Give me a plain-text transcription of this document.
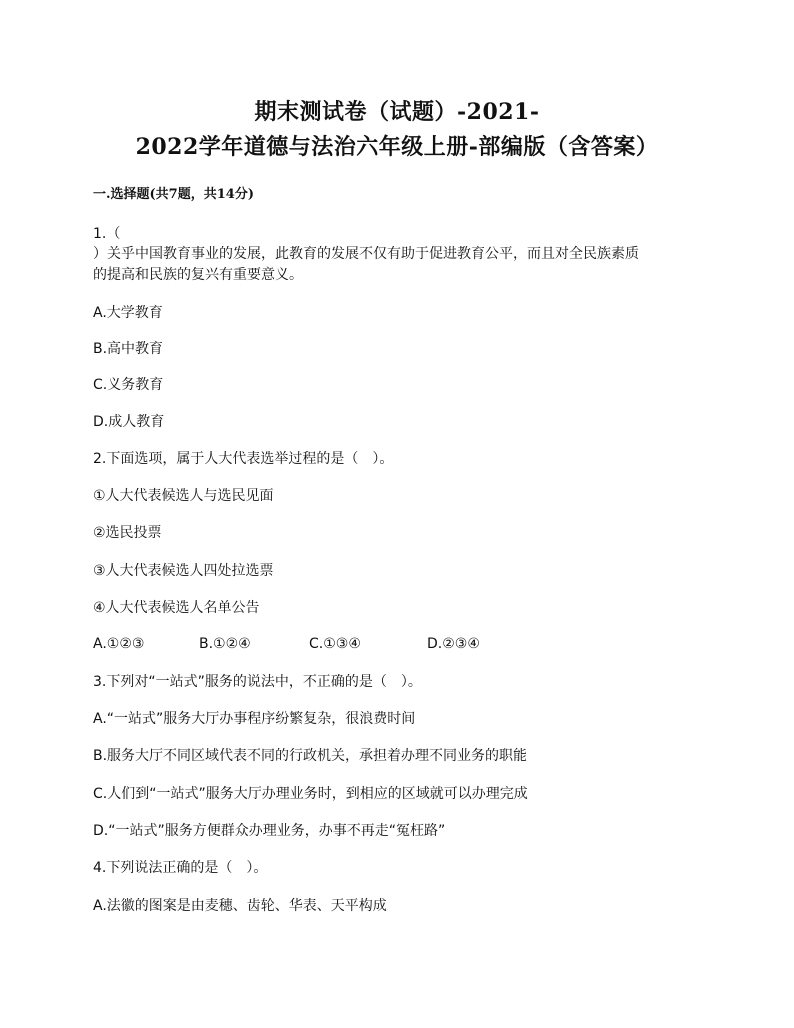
期末测试卷（试题）-2021-
2022学年道德与法治六年级上册-部编版（含答案）
一.选择题(共7题，共14分)
1.（
）关乎中国教育事业的发展，此教育的发展不仅有助于促进教育公平，而且对全民族素质
的提高和民族的复兴有重要意义。
A.大学教育
B.高中教育
C.义务教育
D.成人教育
2.下面选项，属于人大代表选举过程的是（　）。
①人大代表候选人与选民见面
②选民投票
③人大代表候选人四处拉选票
④人大代表候选人名单公告
A.①②③	B.①②④	C.①③④	D.②③④
3.下列对“一站式”服务的说法中，不正确的是（　）。
A.“一站式”服务大厅办事程序纷繁复杂，很浪费时间
B.服务大厅不同区域代表不同的行政机关，承担着办理不同业务的职能
C.人们到“一站式”服务大厅办理业务时，到相应的区域就可以办理完成
D.“一站式”服务方便群众办理业务，办事不再走“冤枉路”
4.下列说法正确的是（　）。
A.法徽的图案是由麦穗、齿轮、华表、天平构成
